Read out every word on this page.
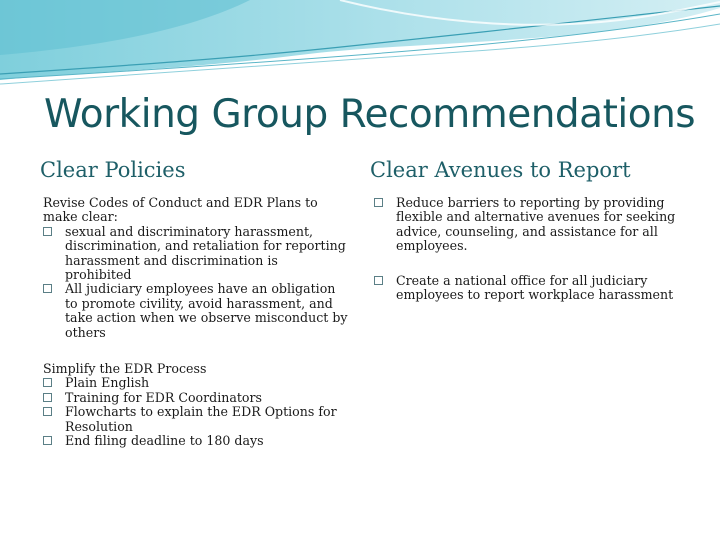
Working Group Recommendations
Clear Policies	Clear Avenues to Report

Revise Codes of Conduct and EDR Plans to make clear:

sexual and discriminatory harassment, discrimination, and retaliation for reporting harassment and discrimination is prohibited

All judiciary employees have an obligation to promote civility, avoid harassment, and take action when we observe misconduct by others

Simplify the EDR Process

Plain English

Training for EDR Coordinators

Flowcharts to explain the EDR Options for Resolution

End filing deadline to 180 days

Reduce barriers to reporting by providing flexible and alternative avenues for seeking advice, counseling, and assistance for all employees.

Create a national office for all judiciary employees to report workplace harassment
